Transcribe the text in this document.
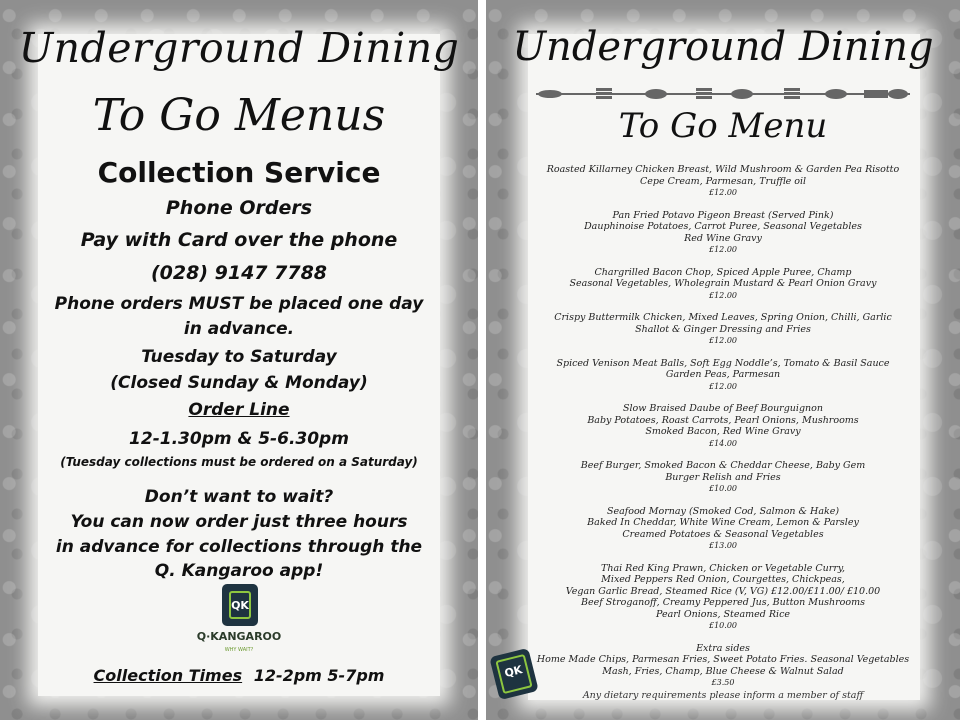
Underground Dining
To Go Menus
Collection Service
Phone Orders
Pay with Card over the phone
(028) 9147 7788
Phone orders MUST be placed one day
in advance.
Tuesday to Saturday
(Closed Sunday & Monday)
Order Line
12-1.30pm & 5-6.30pm
(Tuesday collections must be ordered on a Saturday)
Don’t want to wait?
You can now order just three hours
in advance for collections through the
Q. Kangaroo app!
QK
Q·KANGAROO
WHY WAIT?
Collection Times 12-2pm 5-7pm
Underground Dining
To Go Menu
Roasted Killarney Chicken Breast, Wild Mushroom & Garden Pea Risotto
Cepe Cream, Parmesan, Truffle oil
£12.00
Pan Fried Potavo Pigeon Breast (Served Pink)
Dauphinoise Potatoes, Carrot Puree, Seasonal Vegetables
Red Wine Gravy
£12.00
Chargrilled Bacon Chop, Spiced Apple Puree, Champ
Seasonal Vegetables, Wholegrain Mustard & Pearl Onion Gravy
£12.00
Crispy Buttermilk Chicken, Mixed Leaves, Spring Onion, Chilli, Garlic
Shallot & Ginger Dressing and Fries
£12.00
Spiced Venison Meat Balls, Soft Egg Noddle’s, Tomato & Basil Sauce
Garden Peas, Parmesan
£12.00
Slow Braised Daube of Beef Bourguignon
Baby Potatoes, Roast Carrots, Pearl Onions, Mushrooms
Smoked Bacon, Red Wine Gravy
£14.00
Beef Burger, Smoked Bacon & Cheddar Cheese, Baby Gem
Burger Relish and Fries
£10.00
Seafood Mornay (Smoked Cod, Salmon & Hake)
Baked In Cheddar, White Wine Cream, Lemon & Parsley
Creamed Potatoes & Seasonal Vegetables
£13.00
Thai Red King Prawn, Chicken or Vegetable Curry,
Mixed Peppers Red Onion, Courgettes, Chickpeas,
Vegan Garlic Bread, Steamed Rice (V, VG) £12.00/£11.00/ £10.00
Beef Stroganoff, Creamy Peppered Jus, Button Mushrooms
Pearl Onions, Steamed Rice
£10.00
Extra sides
Home Made Chips, Parmesan Fries, Sweet Potato Fries. Seasonal Vegetables
Mash, Fries, Champ, Blue Cheese & Walnut Salad
£3.50
Any dietary requirements please inform a member of staff
QK
